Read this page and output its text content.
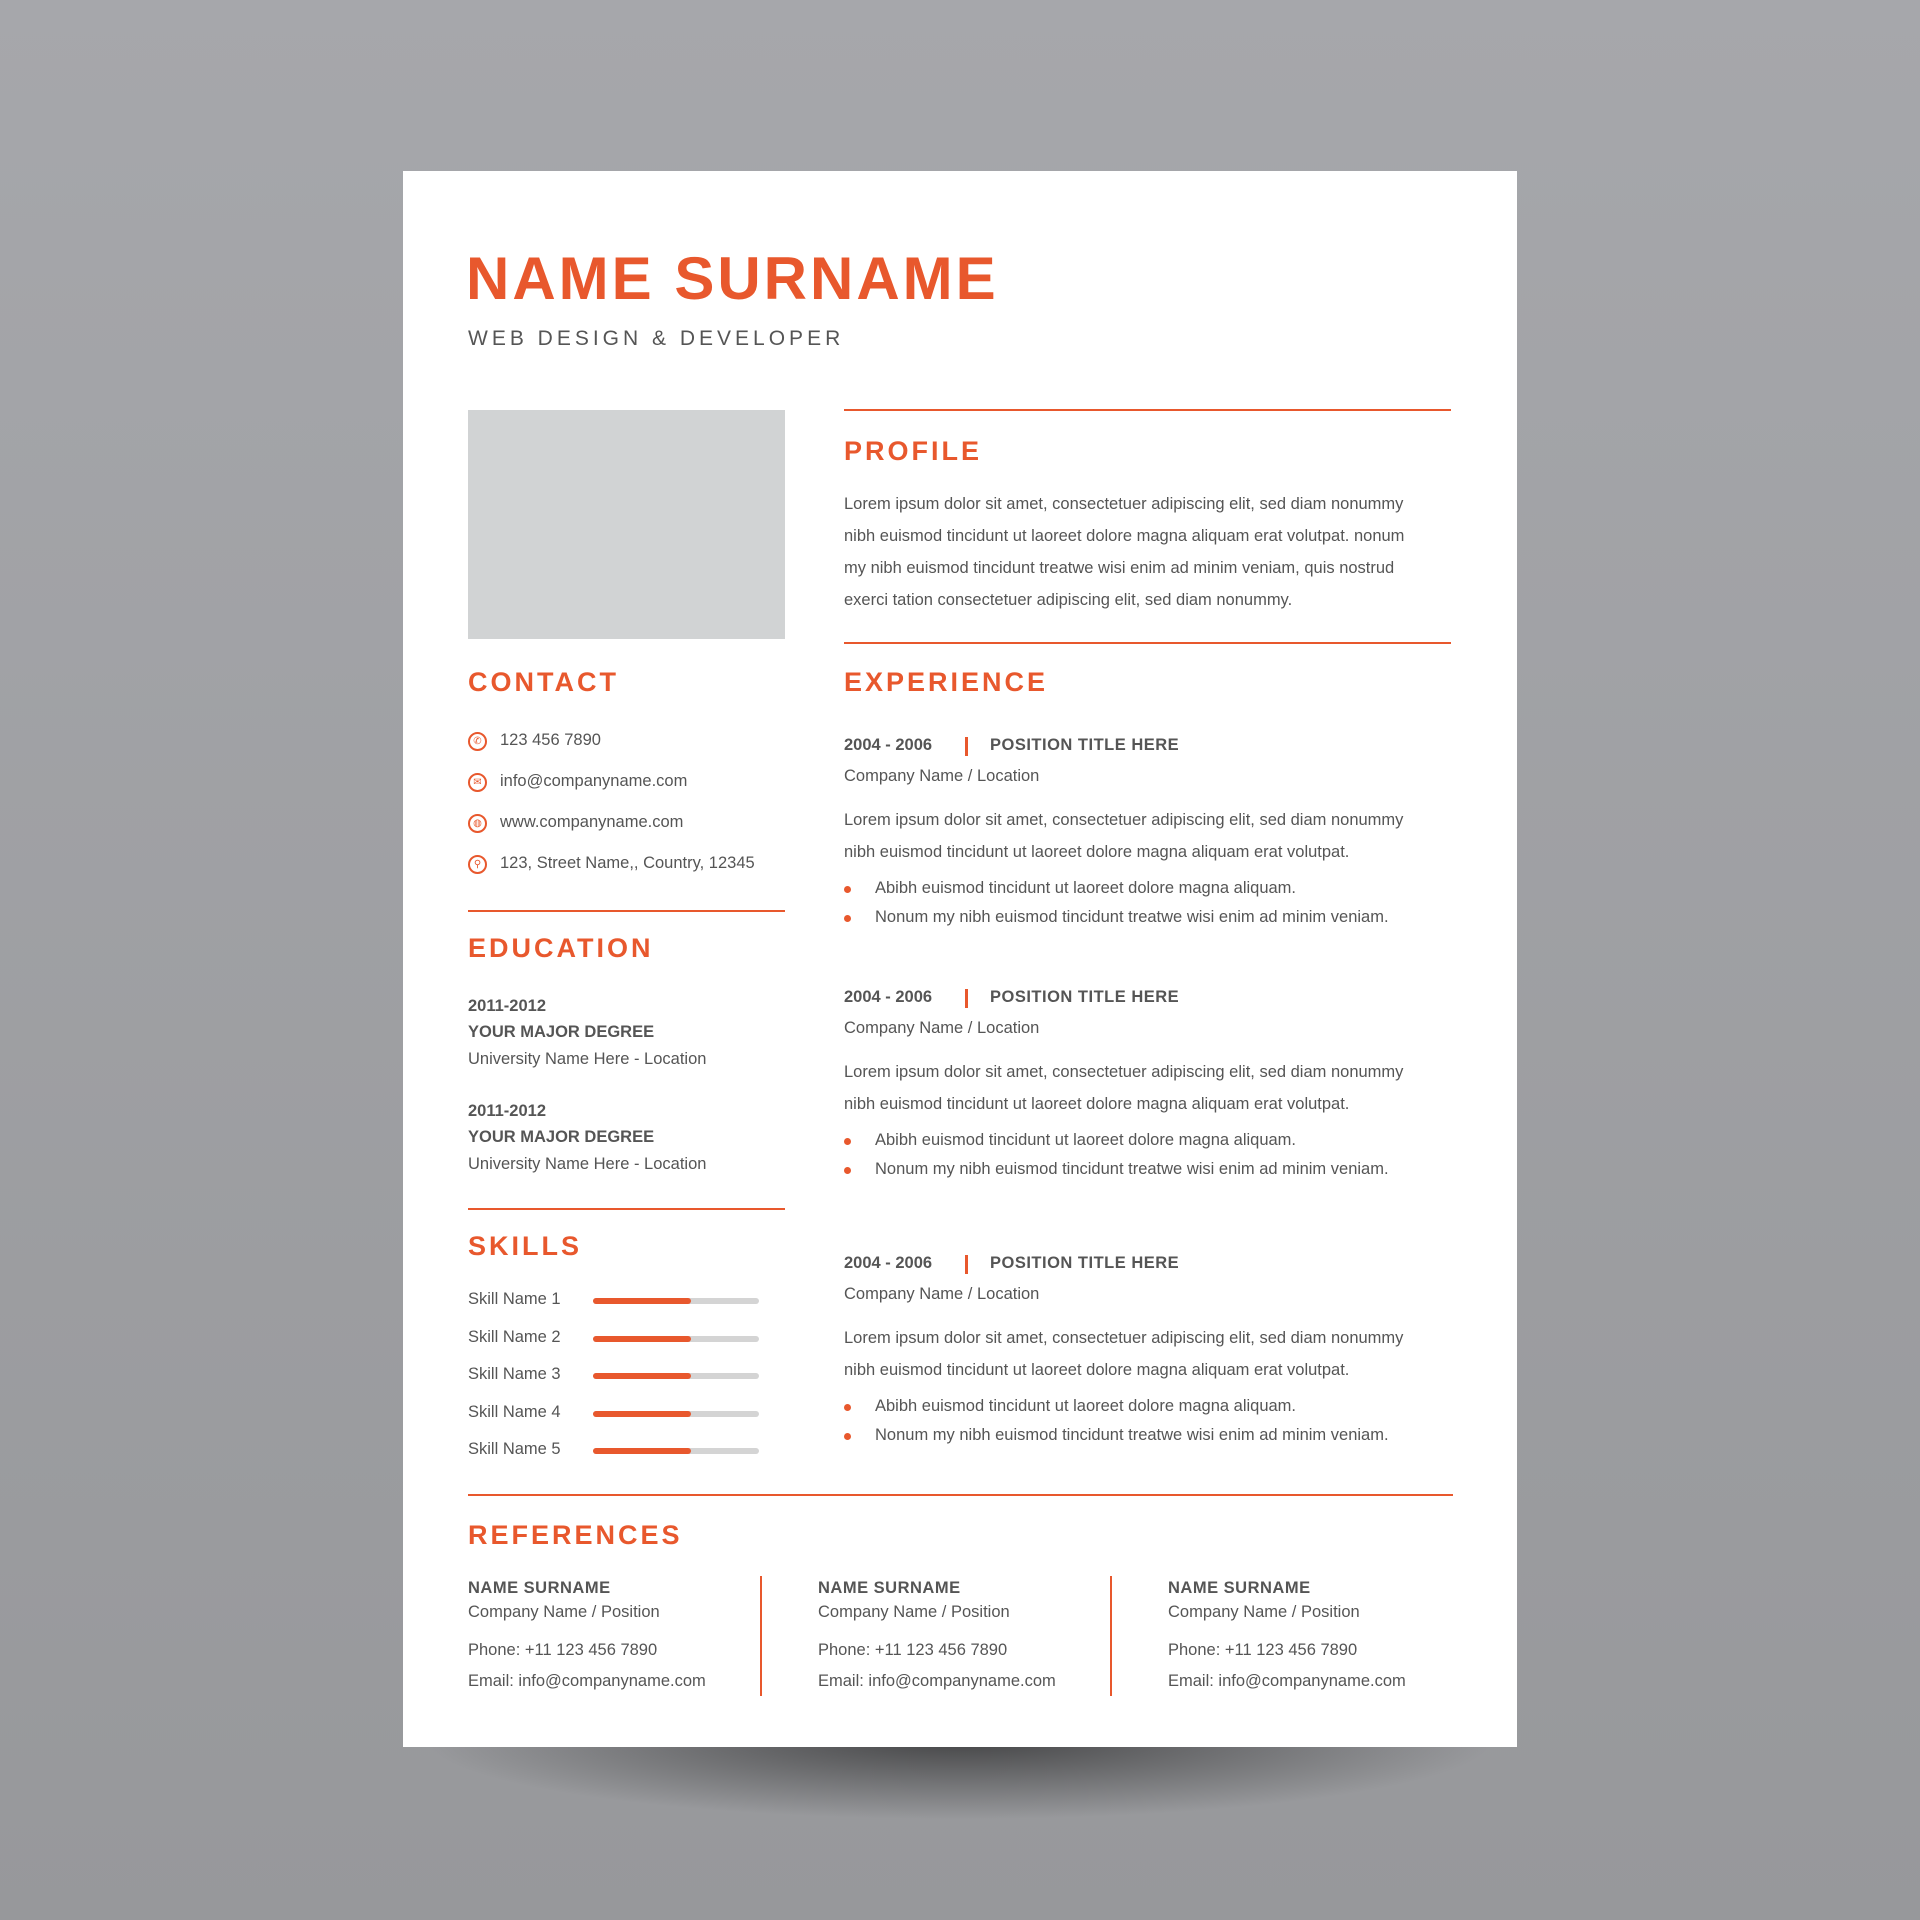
NAME SURNAME
WEB DESIGN & DEVELOPER
PROFILE
Lorem ipsum dolor sit amet, consectetuer adipiscing elit, sed diam nonummy
nibh euismod tincidunt ut laoreet dolore magna aliquam erat volutpat. nonum
my nibh euismod tincidunt treatwe wisi enim ad minim veniam, quis nostrud
exerci tation consectetuer adipiscing elit, sed diam nonummy.
CONTACT
✆	123 456 7890
✉	info@companyname.com
◍	www.companyname.com
⚲	123, Street Name,, Country, 12345
EDUCATION
2011-2012
YOUR MAJOR DEGREE
University Name Here - Location
2011-2012
YOUR MAJOR DEGREE
University Name Here - Location
SKILLS
Skill Name 1
Skill Name 2
Skill Name 3
Skill Name 4
Skill Name 5
EXPERIENCE
2004 - 2006	POSITION TITLE HERE
Company Name / Location
Lorem ipsum dolor sit amet, consectetuer adipiscing elit, sed diam nonummy
nibh euismod tincidunt ut laoreet dolore magna aliquam erat volutpat.
Abibh euismod tincidunt ut laoreet dolore magna aliquam.
Nonum my nibh euismod tincidunt treatwe wisi enim ad minim veniam.
2004 - 2006	POSITION TITLE HERE
Company Name / Location
Lorem ipsum dolor sit amet, consectetuer adipiscing elit, sed diam nonummy
nibh euismod tincidunt ut laoreet dolore magna aliquam erat volutpat.
Abibh euismod tincidunt ut laoreet dolore magna aliquam.
Nonum my nibh euismod tincidunt treatwe wisi enim ad minim veniam.
2004 - 2006	POSITION TITLE HERE
Company Name / Location
Lorem ipsum dolor sit amet, consectetuer adipiscing elit, sed diam nonummy
nibh euismod tincidunt ut laoreet dolore magna aliquam erat volutpat.
Abibh euismod tincidunt ut laoreet dolore magna aliquam.
Nonum my nibh euismod tincidunt treatwe wisi enim ad minim veniam.
REFERENCES
NAME SURNAME
Company Name / Position
Phone: +11 123 456 7890
Email: info@companyname.com
NAME SURNAME
Company Name / Position
Phone: +11 123 456 7890
Email: info@companyname.com
NAME SURNAME
Company Name / Position
Phone: +11 123 456 7890
Email: info@companyname.com
